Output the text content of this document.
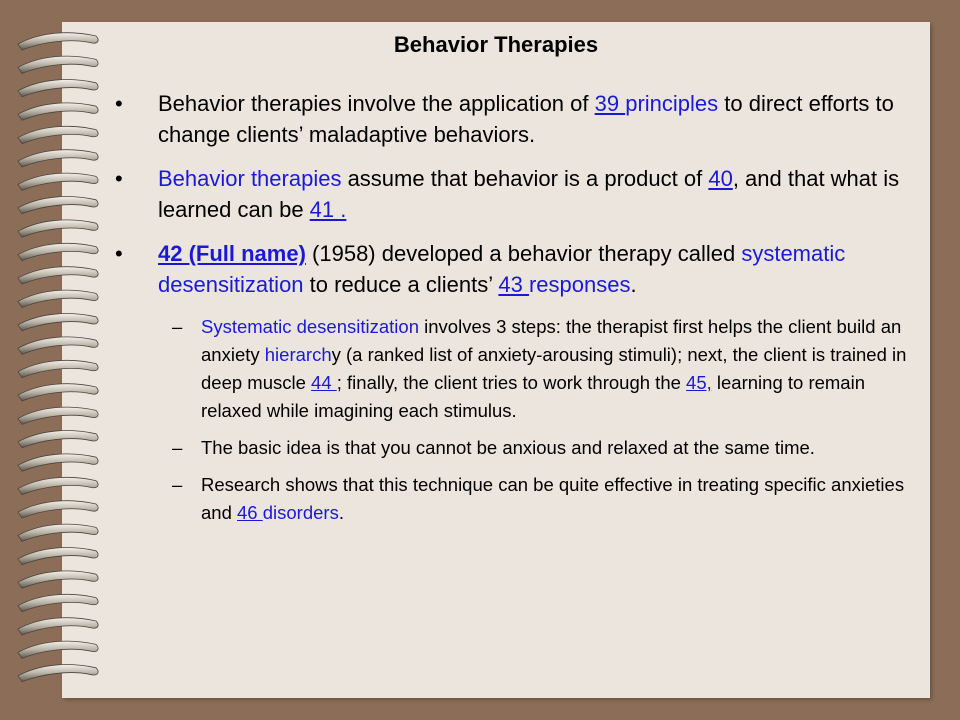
Behavior Therapies
• Behavior therapies involve the application of 39 principles to direct efforts to change clients’ maladaptive behaviors.
• Behavior therapies assume that behavior is a product of 40, and that what is learned can be 41 .
• 42 (Full name) (1958) developed a behavior therapy called systematic desensitization to reduce a clients’ 43 responses.
– Systematic desensitization involves 3 steps: the therapist first helps the client build an anxiety hierarchy (a ranked list of anxiety-arousing stimuli); next, the client is trained in deep muscle 44 ; finally, the client tries to work through the 45, learning to remain relaxed while imagining each stimulus.
– The basic idea is that you cannot be anxious and relaxed at the same time.
– Research shows that this technique can be quite effective in treating specific anxieties and 46 disorders.
